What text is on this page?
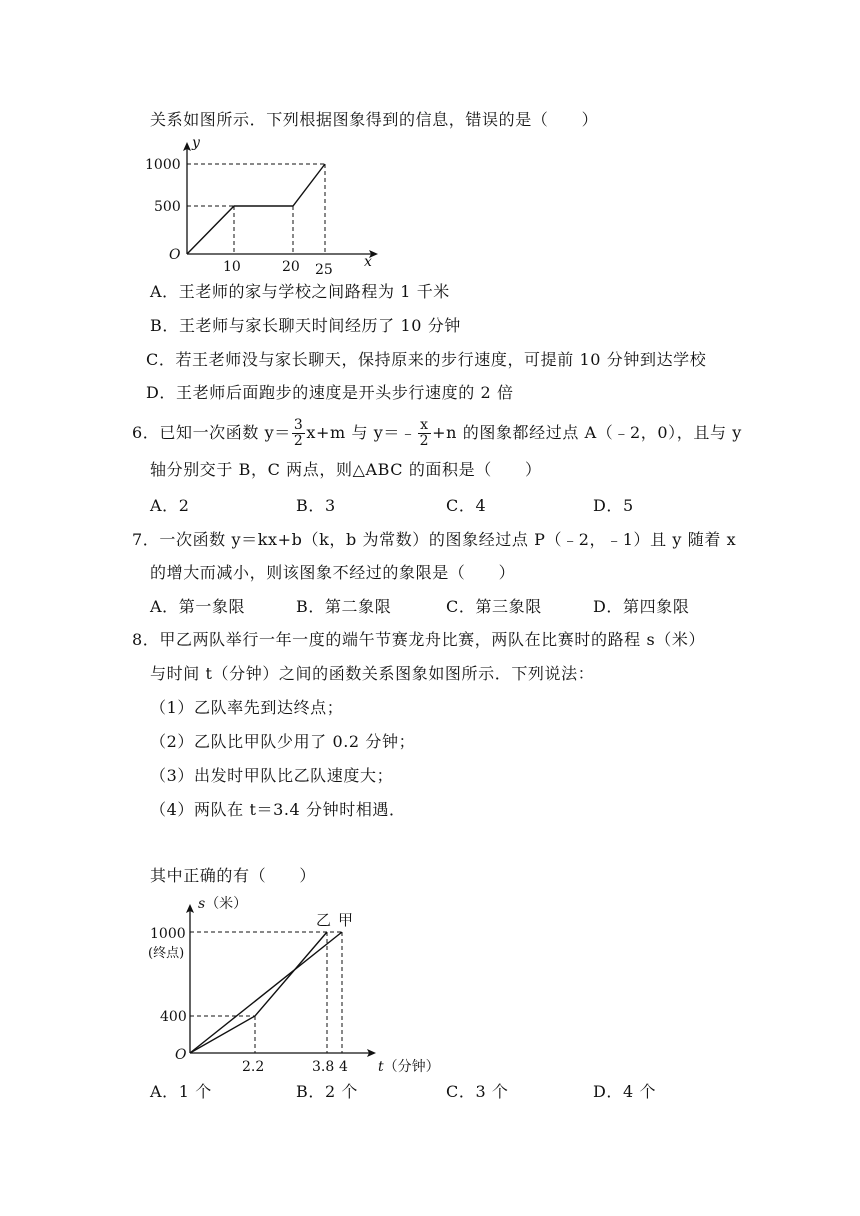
关系如图所示．下列根据图象得到的信息，错误的是（　　）
y
x
O
1000
500
10	20 25
A．王老师的家与学校之间路程为 1 千米
B．王老师与家长聊天时间经历了 10 分钟
C．若王老师没与家长聊天，保持原来的步行速度，可提前 10 分钟到达学校
D．王老师后面跑步的速度是开头步行速度的 2 倍
6．已知一次函数 $y= \frac{3}{2} x+m$ 与 y＝﹣ $\frac{x}{2} +n$ 的图象都经过点 A（﹣2，0），且与 y
轴分别交于 B，C 两点，则△ABC 的面积是（　　）
A．2	B．3	C．4	D．5
7．一次函数 y＝kx+b（k，b 为常数）的图象经过点 P（﹣2，﹣1）且 y 随着 x
的增大而减小，则该图象不经过的象限是（　　）
A．第一象限	B．第二象限	C．第三象限	D．第四象限
8．甲乙两队举行一年一度的端午节赛龙舟比赛，两队在比赛时的路程 s（米）
与时间 t（分钟）之间的函数关系图象如图所示．下列说法：
（1）乙队率先到达终点；
（2）乙队比甲队少用了 0.2 分钟；
（3）出发时甲队比乙队速度大；
（4）两队在 t＝3.4 分钟时相遇．
其中正确的有（　　）
s（米）
1000
(终点)
400
O
2.2	3.8 4 t（分钟）
乙 甲
A．1 个	B．2 个	C．3 个	D．4 个
